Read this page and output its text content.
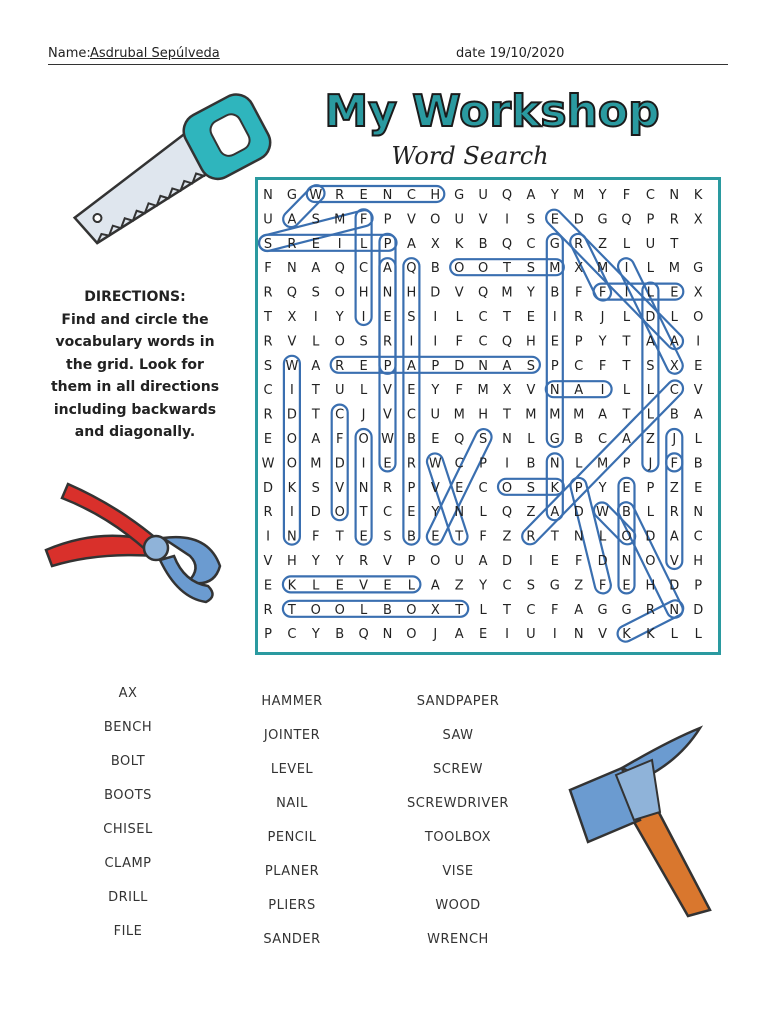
Name: Asdrubal Sepúlveda	date 19/10/2020
My Workshop
Word Search
DIRECTIONS:
Find and circle the
vocabulary words in
the grid. Look for
them in all directions
including backwards
and diagonally.
N G W R E N C H G U Q A Y M Y F C N K
U A S M F P V O U V I S E D G Q P R X
S R E I L P A X K B Q C G R Z L U T
F N A Q C A Q B O O T S M X M I L M G
R Q S O H N H D V Q M Y B F F I L E X
T X I Y I E S I L C T E I R J L D L O
R V L O S R I I F C Q H E P Y T A A I
S W A R E P A P D N A S P C F T S X E
C I T U L V E Y F M X V N A I L L C V
R D T C J V C U M H T M M M A T L B A
E O A F O W B E Q S N L G B C A Z J L
W O M D I E R W C P I B N L M P J F B
D K S V N R P V E C O S K P Y E P Z E
R I D O T C E Y N L Q Z A D W B L R N
I N F T E S B E T F Z R T N L O D A C
V H Y Y R V P O U A D I E F D N O V H
E K L E V E L A Z Y C S G Z F E H D P
R T O O L B O X T L T C F A G G R N D
P C Y B Q N O J A E I U I N V K K L L
AX
BENCH
BOLT
BOOTS
CHISEL
CLAMP
DRILL
FILE
HAMMER
JOINTER
LEVEL
NAIL
PENCIL
PLANER
PLIERS
SANDER
SANDPAPER
SAW
SCREW
SCREWDRIVER
TOOLBOX
VISE
WOOD
WRENCH
